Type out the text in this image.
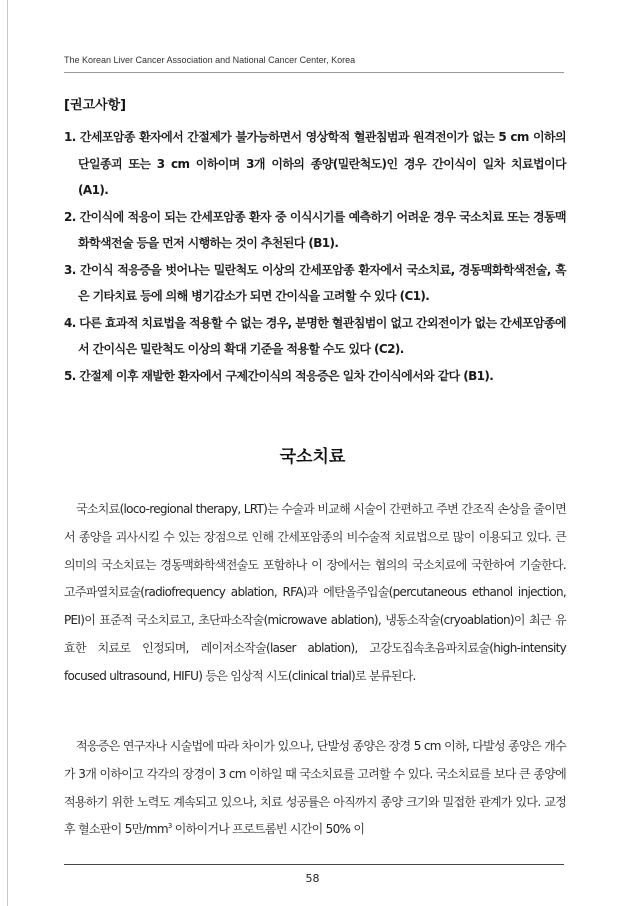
The Korean Liver Cancer Association and National Cancer Center, Korea
[권고사항]
1. 간세포암종 환자에서 간절제가 불가능하면서 영상학적 혈관침범과 원격전이가 없는 5 cm 이하의 단일종괴 또는 3 cm 이하이며 3개 이하의 종양(밀란척도)인 경우 간이식이 일차 치료법이다 (A1).
2. 간이식에 적응이 되는 간세포암종 환자 중 이식시기를 예측하기 어려운 경우 국소치료 또는 경동맥화학색전술 등을 먼저 시행하는 것이 추천된다 (B1).
3. 간이식 적응증을 벗어나는 밀란척도 이상의 간세포암종 환자에서 국소치료, 경동맥화학색전술, 혹은 기타치료 등에 의해 병기감소가 되면 간이식을 고려할 수 있다 (C1).
4. 다른 효과적 치료법을 적용할 수 없는 경우, 분명한 혈관침범이 없고 간외전이가 없는 간세포암종에서 간이식은 밀란척도 이상의 확대 기준을 적용할 수도 있다 (C2).
5. 간절제 이후 재발한 환자에서 구제간이식의 적응증은 일차 간이식에서와 같다 (B1).
국소치료

국소치료(loco-regional therapy, LRT)는 수술과 비교해 시술이 간편하고 주변 간조직 손상을 줄이면서 종양을 괴사시킬 수 있는 장점으로 인해 간세포암종의 비수술적 치료법으로 많이 이용되고 있다. 큰 의미의 국소치료는 경동맥화학색전술도 포함하나 이 장에서는 협의의 국소치료에 국한하여 기술한다. 고주파열치료술(radiofrequency ablation, RFA)과 에탄올주입술(percutaneous ethanol injection, PEI)이 표준적 국소치료고, 초단파소작술(microwave ablation), 냉동소작술(cryoablation)이 최근 유효한 치료로 인정되며, 레이저소작술(laser ablation), 고강도집속초음파치료술(high-intensity focused ultrasound, HIFU) 등은 임상적 시도(clinical trial)로 분류된다.

적응증은 연구자나 시술법에 따라 차이가 있으나, 단발성 종양은 장경 5 cm 이하, 다발성 종양은 개수가 3개 이하이고 각각의 장경이 3 cm 이하일 때 국소치료를 고려할 수 있다. 국소치료를 보다 큰 종양에 적용하기 위한 노력도 계속되고 있으나, 치료 성공률은 아직까지 종양 크기와 밀접한 관계가 있다. 교정 후 혈소판이 5만$/mm^3$ 이하이거나 프로트롬빈 시간이 50% 이

58
